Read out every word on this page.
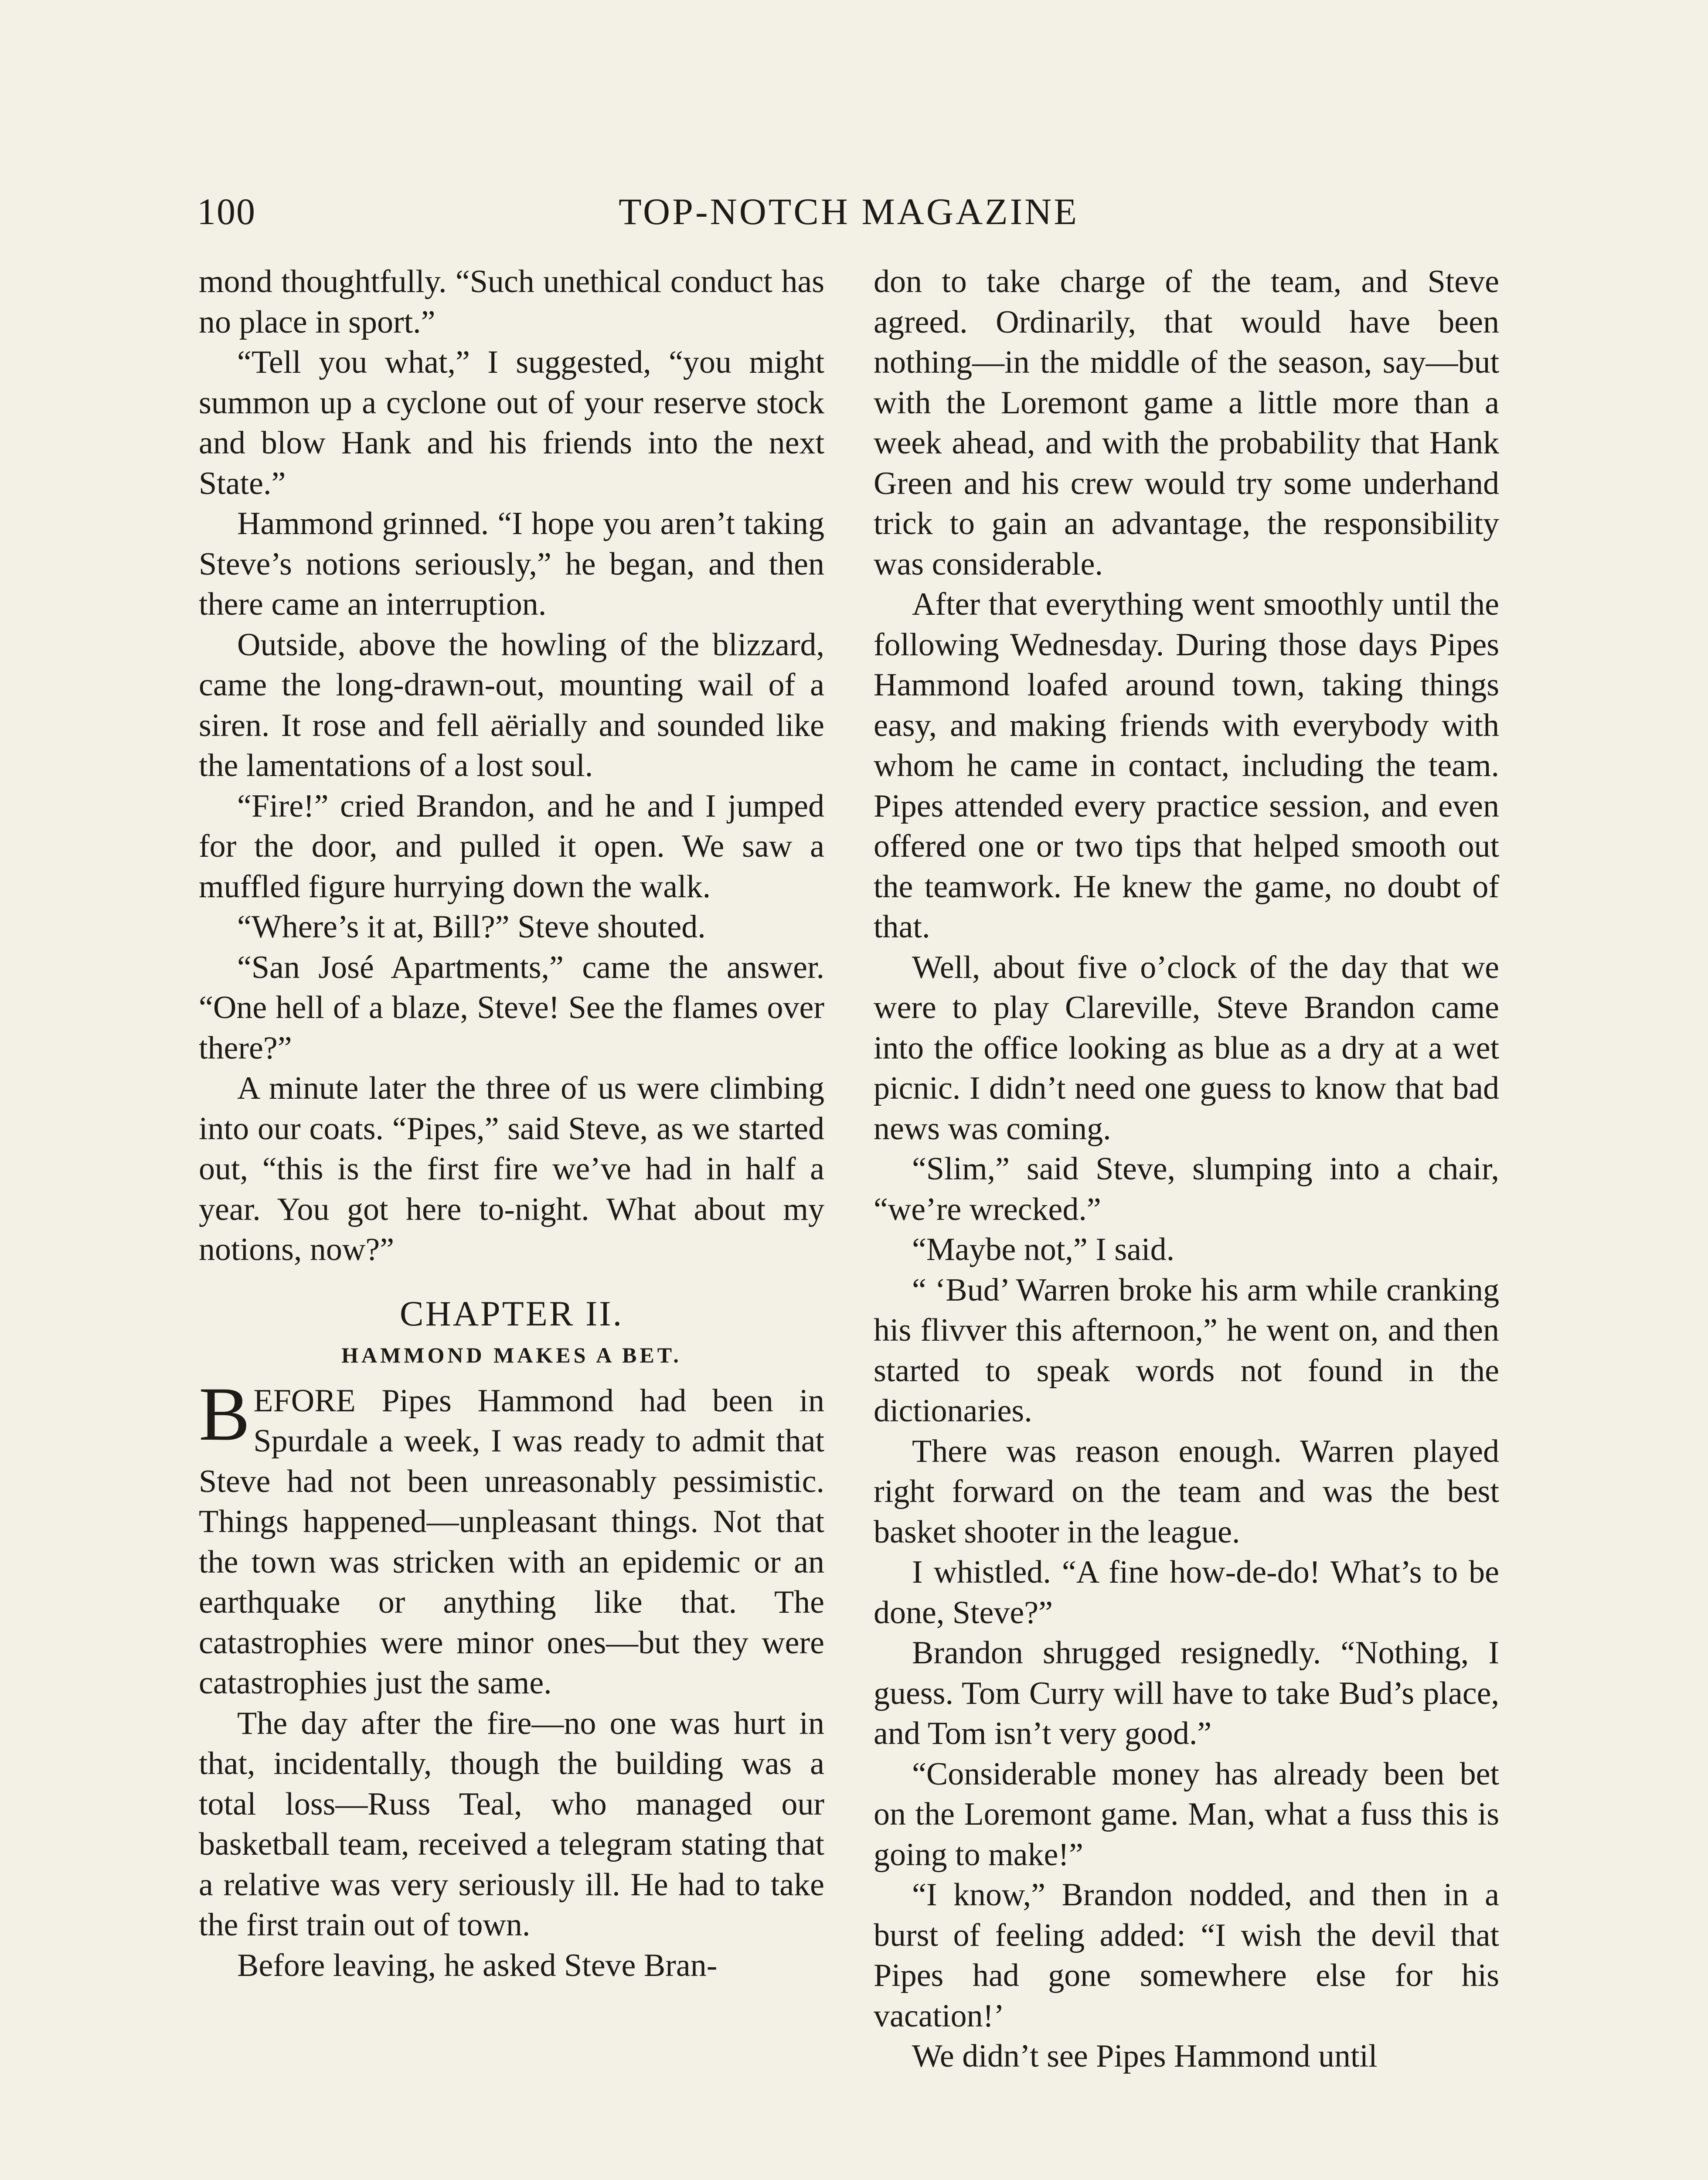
100	TOP-NOTCH MAGAZINE

mond thoughtfully. “Such unethical conduct has no place in sport.”

“Tell you what,” I suggested, “you might summon up a cyclone out of your reserve stock and blow Hank and his friends into the next State.”

Hammond grinned. “I hope you aren’t taking Steve’s notions seriously,” he began, and then there came an interruption.

Outside, above the howling of the blizzard, came the long-drawn-out, mounting wail of a siren. It rose and fell aërially and sounded like the lamentations of a lost soul.

“Fire!” cried Brandon, and he and I jumped for the door, and pulled it open. We saw a muffled figure hurrying down the walk.

“Where’s it at, Bill?” Steve shouted.

“San José Apartments,” came the answer. “One hell of a blaze, Steve! See the flames over there?”

A minute later the three of us were climbing into our coats. “Pipes,” said Steve, as we started out, “this is the first fire we’ve had in half a year. You got here to-night. What about my notions, now?”

CHAPTER II.
HAMMOND MAKES A BET.

BEFORE Pipes Hammond had been in Spurdale a week, I was ready to admit that Steve had not been unreasonably pessimistic. Things happened—unpleasant things. Not that the town was stricken with an epidemic or an earthquake or anything like that. The catastrophies were minor ones—but they were catastrophies just the same.

The day after the fire—no one was hurt in that, incidentally, though the building was a total loss—Russ Teal, who managed our basketball team, received a telegram stating that a relative was very seriously ill. He had to take the first train out of town.

Before leaving, he asked Steve Bran-

don to take charge of the team, and Steve agreed. Ordinarily, that would have been nothing—in the middle of the season, say—but with the Loremont game a little more than a week ahead, and with the probability that Hank Green and his crew would try some underhand trick to gain an advantage, the responsibility was considerable.

After that everything went smoothly until the following Wednesday. During those days Pipes Hammond loafed around town, taking things easy, and making friends with everybody with whom he came in contact, including the team. Pipes attended every practice session, and even offered one or two tips that helped smooth out the teamwork. He knew the game, no doubt of that.

Well, about five o’clock of the day that we were to play Clareville, Steve Brandon came into the office looking as blue as a dry at a wet picnic. I didn’t need one guess to know that bad news was coming.

“Slim,” said Steve, slumping into a chair, “we’re wrecked.”

“Maybe not,” I said.

“ ‘Bud’ Warren broke his arm while cranking his flivver this afternoon,” he went on, and then started to speak words not found in the dictionaries.

There was reason enough. Warren played right forward on the team and was the best basket shooter in the league.

I whistled. “A fine how-de-do! What’s to be done, Steve?”

Brandon shrugged resignedly. “Nothing, I guess. Tom Curry will have to take Bud’s place, and Tom isn’t very good.”

“Considerable money has already been bet on the Loremont game. Man, what a fuss this is going to make!”

“I know,” Brandon nodded, and then in a burst of feeling added: “I wish the devil that Pipes had gone somewhere else for his vacation!’

We didn’t see Pipes Hammond until
